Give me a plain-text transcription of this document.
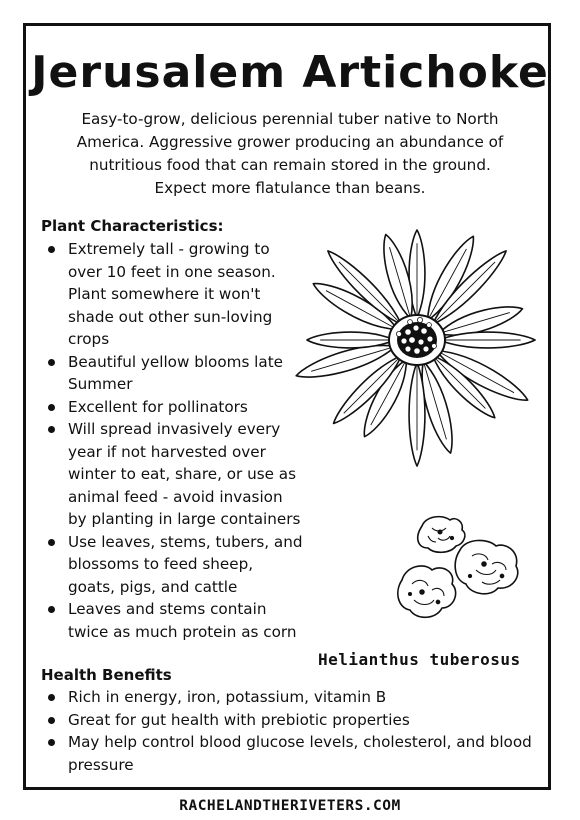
Jerusalem Artichoke

Easy-to-grow, delicious perennial tuber native to North
America. Aggressive grower producing an abundance of
nutritious food that can remain stored in the ground.
Expect more flatulance than beans.

Plant Characteristics:
Extremely tall - growing to
over 10 feet in one season.
Plant somewhere it won't
shade out other sun-loving
crops
Beautiful yellow blooms late
Summer
Excellent for pollinators
Will spread invasively every
year if not harvested over
winter to eat, share, or use as
animal feed - avoid invasion
by planting in large containers
Use leaves, stems, tubers, and
blossoms to feed sheep,
goats, pigs, and cattle
Leaves and stems contain
twice as much protein as corn

Helianthus tuberosus

Health Benefits
Rich in energy, iron, potassium, vitamin B
Great for gut health with prebiotic properties
May help control blood glucose levels, cholesterol, and blood
pressure

RACHELANDTHERIVETERS.COM
